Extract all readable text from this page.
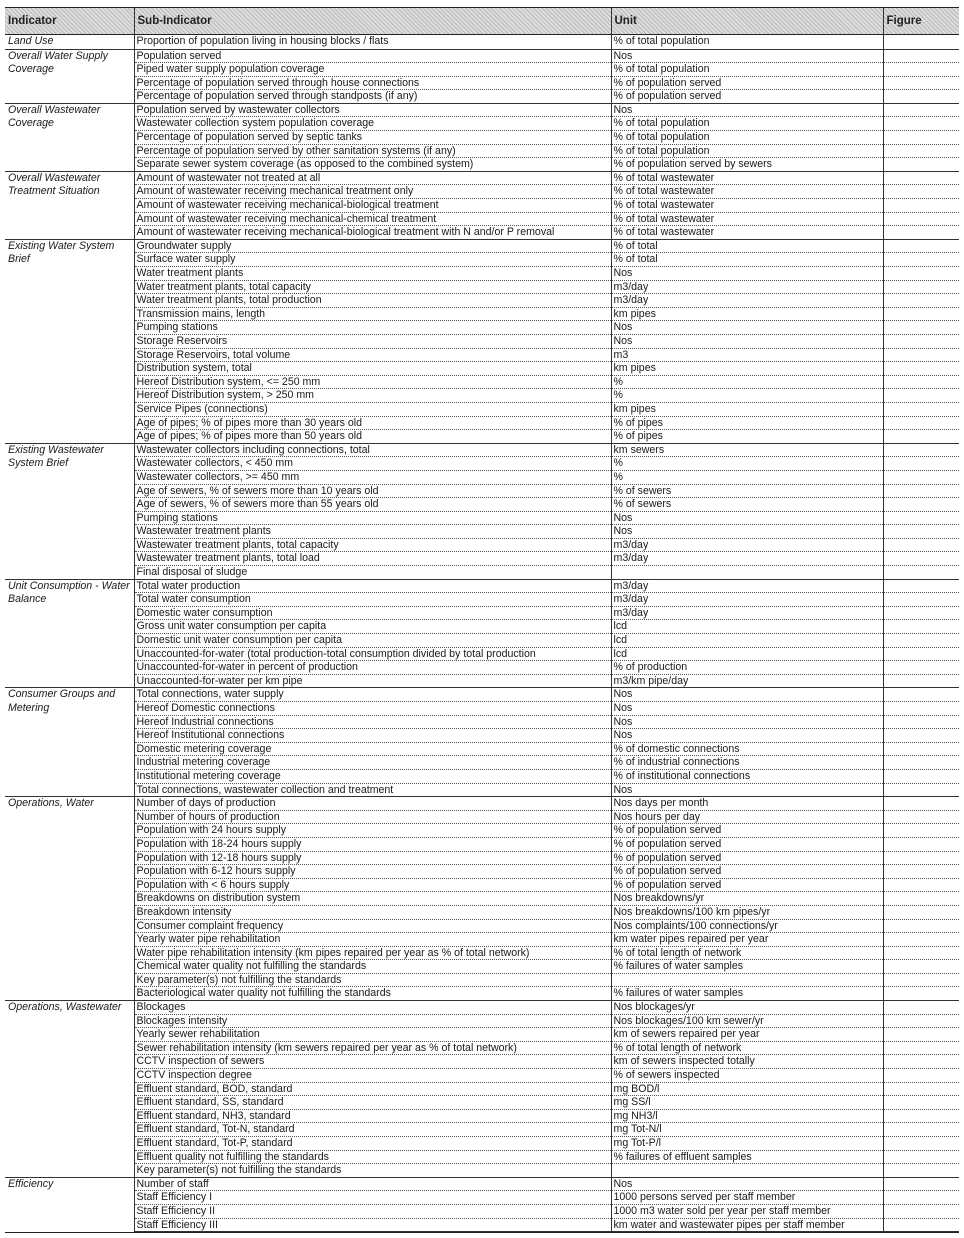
Indicator	Sub-Indicator	Unit	Figure
Land Use	Proportion of population living in housing blocks / flats	% of total population	
Overall Water Supply Coverage	Population served	Nos	
	Piped water supply population coverage	% of total population	
	Percentage of population served through house connections	% of population served	
	Percentage of population served through standposts (if any)	% of population served	
Overall Wastewater Coverage	Population served by wastewater collectors	Nos	
	Wastewater collection system population coverage	% of total population	
	Percentage of population served by septic tanks	% of total population	
	Percentage of population served by other sanitation systems (if any)	% of total population	
	Separate sewer system coverage (as opposed to the combined system)	% of population served by sewers	
Overall Wastewater Treatment Situation	Amount of wastewater not treated at all	% of total wastewater	
	Amount of wastewater receiving mechanical treatment only	% of total wastewater	
	Amount of wastewater receiving mechanical-biological treatment	% of total wastewater	
	Amount of wastewater receiving mechanical-chemical treatment	% of total wastewater	
	Amount of wastewater receiving mechanical-biological treatment with N and/or P removal	% of total wastewater	
Existing Water System Brief	Groundwater supply	% of total	
	Surface water supply	% of total	
	Water treatment plants	Nos	
	Water treatment plants, total capacity	m3/day	
	Water treatment plants, total production	m3/day	
	Transmission mains, length	km pipes	
	Pumping stations	Nos	
	Storage Reservoirs	Nos	
	Storage Reservoirs, total volume	m3	
	Distribution system, total	km pipes	
	Hereof Distribution system, <= 250 mm	%	
	Hereof Distribution system, > 250 mm	%	
	Service Pipes (connections)	km pipes	
	Age of pipes; % of pipes more than 30 years old	% of pipes	
	Age of pipes; % of pipes more than 50 years old	% of pipes	
Existing Wastewater System Brief	Wastewater collectors including connections, total	km sewers	
	Wastewater collectors, < 450 mm	%	
	Wastewater collectors, >= 450 mm	%	
	Age of sewers, % of sewers more than 10 years old	% of sewers	
	Age of sewers, % of sewers more than 55 years old	% of sewers	
	Pumping stations	Nos	
	Wastewater treatment plants	Nos	
	Wastewater treatment plants, total capacity	m3/day	
	Wastewater treatment plants, total load	m3/day	
	Final disposal of sludge		
Unit Consumption - Water Balance	Total water production	m3/day	
	Total water consumption	m3/day	
	Domestic water consumption	m3/day	
	Gross unit water consumption per capita	lcd	
	Domestic unit water consumption per capita	lcd	
	Unaccounted-for-water (total production-total consumption divided by total production	lcd	
	Unaccounted-for-water in percent of production	% of production	
	Unaccounted-for-water per km pipe	m3/km pipe/day	
Consumer Groups and Metering	Total connections, water supply	Nos	
	Hereof Domestic connections	Nos	
	Hereof Industrial connections	Nos	
	Hereof Institutional connections	Nos	
	Domestic metering coverage	% of domestic connections	
	Industrial metering coverage	% of industrial connections	
	Institutional metering coverage	% of institutional connections	
	Total connections, wastewater collection and treatment	Nos	
Operations, Water	Number of days of production	Nos days per month	
	Number of hours of production	Nos hours per day	
	Population with 24 hours supply	% of population served	
	Population with 18-24 hours supply	% of population served	
	Population with 12-18 hours supply	% of population served	
	Population with 6-12 hours supply	% of population served	
	Population with < 6 hours supply	% of population served	
	Breakdowns on distribution system	Nos breakdowns/yr	
	Breakdown intensity	Nos breakdowns/100 km pipes/yr	
	Consumer complaint frequency	Nos complaints/100 connections/yr	
	Yearly water pipe rehabilitation	km water pipes repaired per year	
	Water pipe rehabilitation intensity (km pipes repaired per year as % of total network)	% of total length of network	
	Chemical water quality not fulfilling the standards	% failures of water samples	
	Key parameter(s) not fulfilling the standards		
	Bacteriological water quality not fulfilling the standards	% failures of water samples	
Operations, Wastewater	Blockages	Nos blockages/yr	
	Blockages intensity	Nos blockages/100 km sewer/yr	
	Yearly sewer rehabilitation	km of sewers repaired per year	
	Sewer rehabilitation intensity (km sewers repaired per year as % of total network)	% of total length of network	
	CCTV inspection of sewers	km of sewers inspected totally	
	CCTV inspection degree	% of sewers inspected	
	Effluent standard, BOD, standard	mg BOD/l	
	Effluent standard, SS, standard	mg SS/l	
	Effluent standard, NH3, standard	mg NH3/l	
	Effluent standard, Tot-N, standard	mg Tot-N/l	
	Effluent standard, Tot-P, standard	mg Tot-P/l	
	Effluent quality not fulfilling the standards	% failures of effluent samples	
	Key parameter(s) not fulfilling the standards		
Efficiency	Number of staff	Nos	
	Staff Efficiency I	1000 persons served per staff member	
	Staff Efficiency II	1000 m3 water sold per year per staff member	
	Staff Efficiency III	km water and wastewater pipes per staff member	
